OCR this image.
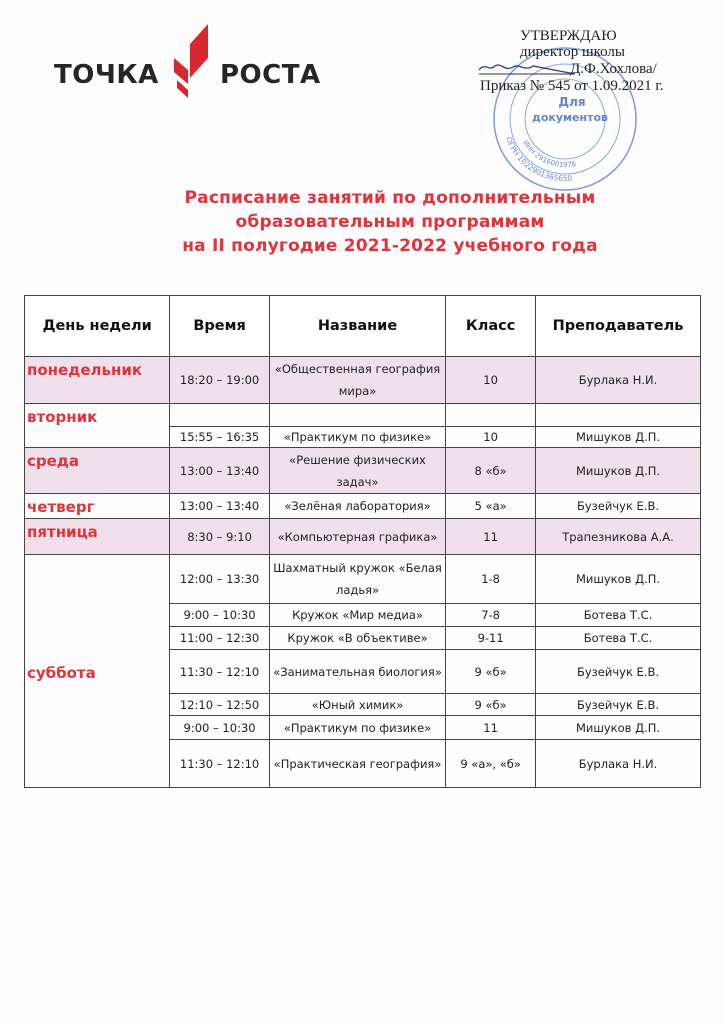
ТОЧКА РОСТА
ОГРН 1022901365650
ИНН 2916001976
Для
документов
УТВЕРЖДАЮ
директор школы
Д.Ф.Хохлова/
Приказ № 545 от 1.09.2021 г.
Расписание занятий по дополнительным
образовательным программам
на II полугодие 2021-2022 учебного года
День недели	Время	Название	Класс	Преподаватель
понедельник	18:20 – 19:00	«Общественная география мира»	10	Бурлака Н.И.
вторник				
	15:55 – 16:35	«Практикум по физике»	10	Мишуков Д.П.
среда	13:00 – 13:40	«Решение физических задач»	8 «б»	Мишуков Д.П.
четверг	13:00 – 13:40	«Зелёная лаборатория»	5 «а»	Бузейчук Е.В.
пятница	8:30 – 9:10	«Компьютерная графика»	11	Трапезникова А.А.
суббота	12:00 – 13:30	Шахматный кружок «Белая ладья»	1-8	Мишуков Д.П.
	9:00 – 10:30	Кружок «Мир медиа»	7-8	Ботева Т.С.
	11:00 – 12:30	Кружок «В объективе»	9-11	Ботева Т.С.
	11:30 – 12:10	«Занимательная биология»	9 «б»	Бузейчук Е.В.
	12:10 – 12:50	«Юный химик»	9 «б»	Бузейчук Е.В.
	9:00 – 10:30	«Практикум по физике»	11	Мишуков Д.П.
	11:30 – 12:10	«Практическая география»	9 «а», «б»	Бурлака Н.И.
